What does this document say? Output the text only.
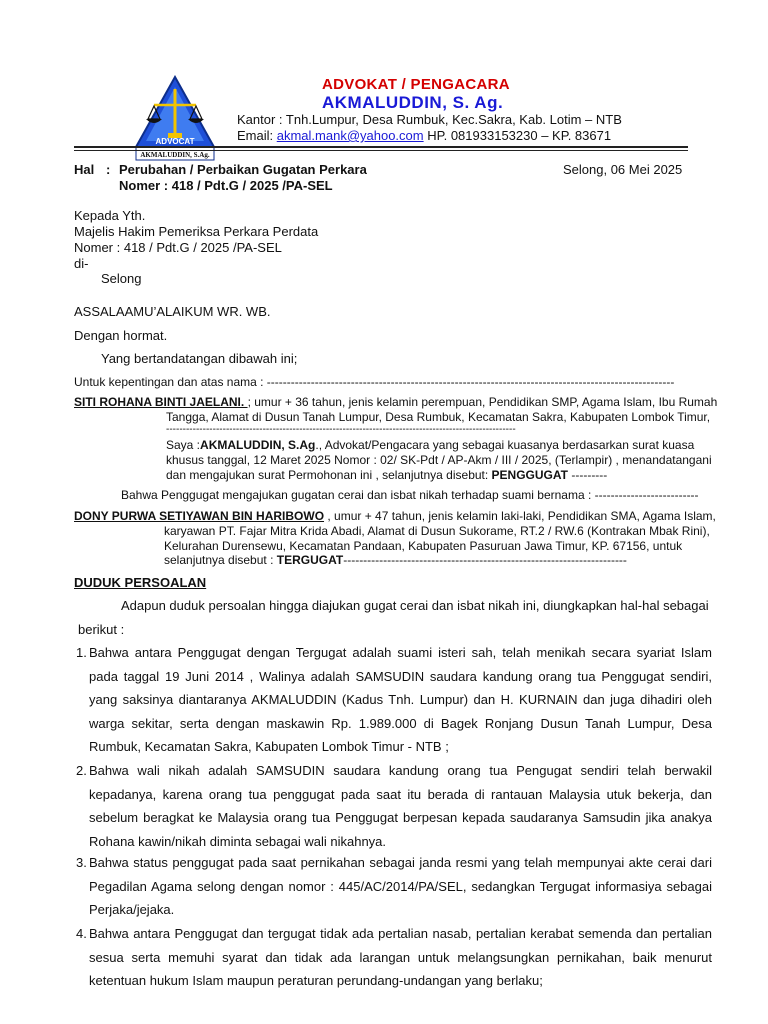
ADVOCAT
AKMALUDDIN, S.Ag.
ADVOKAT / PENGACARA
AKMALUDDIN, S. Ag.
Kantor : Tnh.Lumpur, Desa Rumbuk, Kec.Sakra, Kab. Lotim – NTB
Email: akmal.mank@yahoo.com HP. 081933153230 – KP. 83671
Hal : Perubahan / Perbaikan Gugatan Perkara
Nomer : 418 / Pdt.G / 2025 /PA-SEL
Selong, 06 Mei 2025
Kepada Yth.
Majelis Hakim Pemeriksa Perkara Perdata
Nomer : 418 / Pdt.G / 2025 /PA-SEL
di-
Selong
ASSALAAMU’ALAIKUM WR. WB.
Dengan hormat.
Yang bertandatangan dibawah ini;
Untuk kepentingan dan atas nama : ------------------------------------------------------------------------------------------------------
SITI ROHANA BINTI JAELANI. ; umur + 36 tahun, jenis kelamin perempuan, Pendidikan SMP, Agama Islam, Ibu Rumah
Tangga, Alamat di Dusun Tanah Lumpur, Desa Rumbuk, Kecamatan Sakra, Kabupaten Lombok Timur,
---------------------------------------------------------------------------------------------------------
Saya :AKMALUDDIN, S.Ag., Advokat/Pengacara yang sebagai kuasanya berdasarkan surat kuasa
khusus tanggal, 12 Maret 2025 Nomor : 02/ SK-Pdt / AP-Akm / III / 2025, (Terlampir) , menandatangani
dan mengajukan surat Permohonan ini , selanjutnya disebut: PENGGUGAT ---------
Bahwa Penggugat mengajukan gugatan cerai dan isbat nikah terhadap suami bernama : --------------------------
DONY PURWA SETIYAWAN BIN HARIBOWO , umur + 47 tahun, jenis kelamin laki-laki, Pendidikan SMA, Agama Islam,
karyawan PT. Fajar Mitra Krida Abadi, Alamat di Dusun Sukorame, RT.2 / RW.6 (Kontrakan Mbak Rini),
Kelurahan Durensewu, Kecamatan Pandaan, Kabupaten Pasuruan Jawa Timur, KP. 67156, untuk
selanjutnya disebut : TERGUGAT-----------------------------------------------------------------------
DUDUK PERSOALAN
Adapun duduk persoalan hingga diajukan gugat cerai dan isbat nikah ini, diungkapkan hal-hal sebagai
berikut :
1. Bahwa antara Penggugat dengan Tergugat adalah suami isteri sah, telah menikah secara syariat Islam pada taggal 19 Juni 2014 , Walinya adalah SAMSUDIN saudara kandung orang tua Penggugat sendiri, yang saksinya diantaranya AKMALUDDIN (Kadus Tnh. Lumpur) dan H. KURNAIN dan juga dihadiri oleh warga sekitar, serta dengan maskawin Rp. 1.989.000 di Bagek Ronjang Dusun Tanah Lumpur, Desa Rumbuk, Kecamatan Sakra, Kabupaten Lombok Timur - NTB ;
2. Bahwa wali nikah adalah SAMSUDIN saudara kandung orang tua Pengugat sendiri telah berwakil kepadanya, karena orang tua penggugat pada saat itu berada di rantauan Malaysia utuk bekerja, dan sebelum beragkat ke Malaysia orang tua Penggugat berpesan kepada saudaranya Samsudin jika anakya Rohana kawin/nikah diminta sebagai wali nikahnya.
3. Bahwa status penggugat pada saat pernikahan sebagai janda resmi yang telah mempunyai akte cerai dari Pegadilan Agama selong dengan nomor : 445/AC/2014/PA/SEL, sedangkan Tergugat informasiya sebagai Perjaka/jejaka.
4. Bahwa antara Penggugat dan tergugat tidak ada pertalian nasab, pertalian kerabat semenda dan pertalian sesua serta memuhi syarat dan tidak ada larangan untuk melangsungkan pernikahan, baik menurut ketentuan hukum Islam maupun peraturan perundang-undangan yang berlaku;
